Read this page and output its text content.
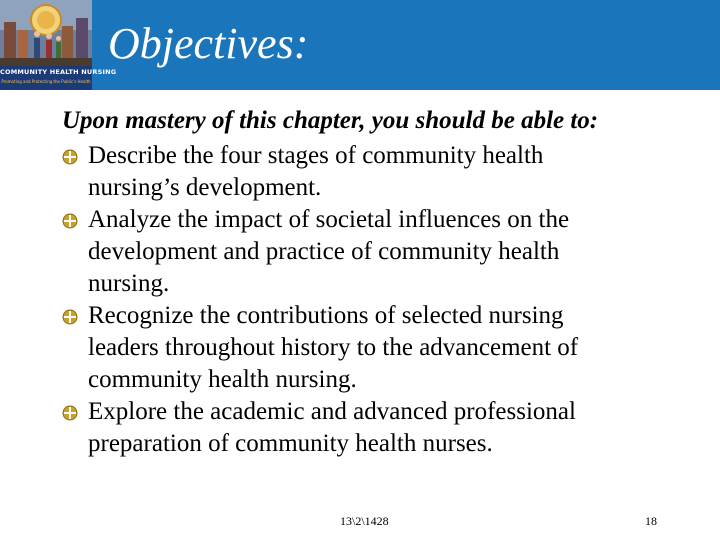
COMMUNITY HEALTH NURSING
Promoting and Protecting the Public's Health
Objectives:
Upon mastery of this chapter, you should be able to:
Describe the four stages of community health
nursing’s development.
Analyze the impact of societal influences on the
development and practice of community health
nursing.
Recognize the contributions of selected nursing
leaders throughout history to the advancement of
community health nursing.
Explore the academic and advanced professional
preparation of community health nurses.
13\2\1428	18
